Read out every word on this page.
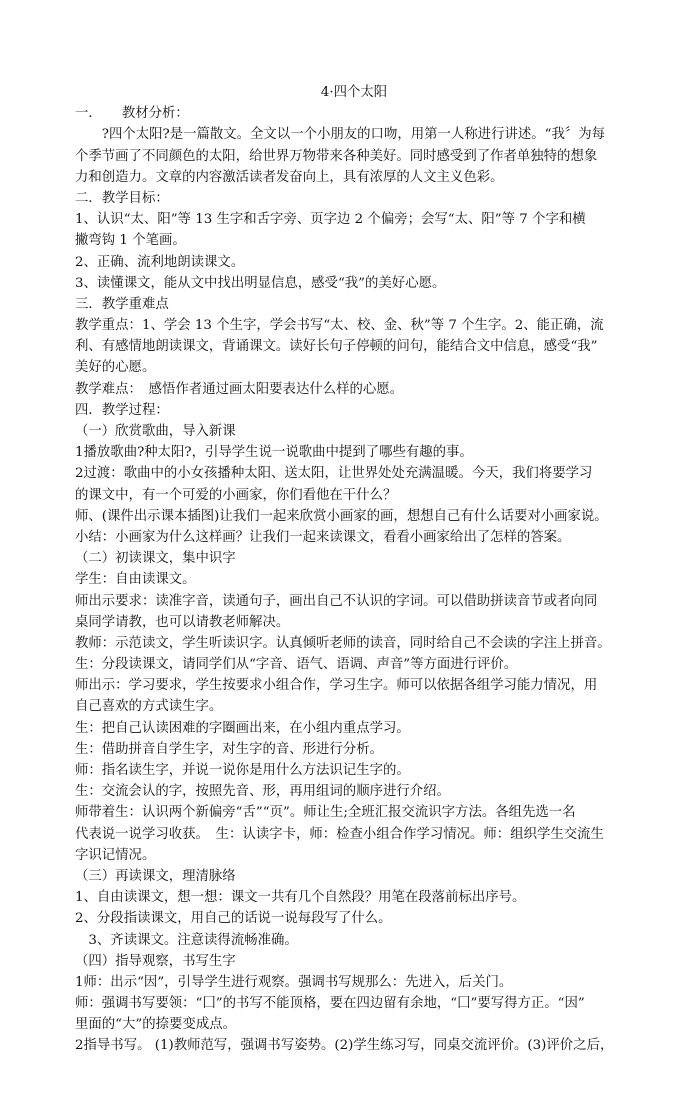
4·四个太阳
一．　　教材分析：
　　?四个太阳?是一篇散文。全文以一个小朋友的口吻，用第一人称进行讲述。“我〞为每
个季节画了不同颜色的太阳，给世界万物带来各种美好。同时感受到了作者单独特的想象
力和创造力。文章的内容激活读者发奋向上，具有浓厚的人文主义色彩。
二．教学目标：
1、认识“太、阳”等 13 生字和舌字旁、页字边 2 个偏旁；会写“太、阳”等 7 个字和横
撇弯钩 1 个笔画。
2、正确、流利地朗读课文。
3、读懂课文，能从文中找出明显信息，感受“我”的美好心愿。
三．教学重难点
教学重点：1、学会 13 个生字，学会书写“太、校、金、秋”等 7 个生字。2、能正确，流
利、有感情地朗读课文，背诵课文。读好长句子停顿的问句，能结合文中信息，感受“我”
美好的心愿。
教学难点：　感悟作者通过画太阳要表达什么样的心愿。
四．教学过程：
（一）欣赏歌曲，导入新课
1播放歌曲?种太阳?，引导学生说一说歌曲中提到了哪些有趣的事。
2过渡：歌曲中的小女孩播种太阳、送太阳，让世界处处充满温暖。今天，我们将要学习
的课文中，有一个可爱的小画家，你们看他在干什么？
师、(课件出示课本插图)让我们一起来欣赏小画家的画，想想自己有什么话要对小画家说。
小结：小画家为什么这样画？让我们一起来读课文，看看小画家给出了怎样的答案。
（二）初读课文，集中识字
学生：自由读课文。
师出示要求：读准字音，读通句子，画出自己不认识的字词。可以借助拼读音节或者向同
桌同学请教，也可以请教老师解决。
教师：示范读文，学生听读识字。认真倾听老师的读音，同时给自己不会读的字注上拼音。
生：分段读课文，请同学们从“字音、语气、语调、声音”等方面进行评价。
师出示：学习要求，学生按要求小组合作，学习生字。师可以依据各组学习能力情况，用
自己喜欢的方式读生字。
生：把自己认读困难的字圈画出来，在小组内重点学习。
生：借助拼音自学生字，对生字的音、形进行分析。
师：指名读生字，并说一说你是用什么方法识记生字的。
生：交流会认的字，按照先音、形，再用组词的顺序进行介绍。
师带着生：认识两个新偏旁“舌”“页”。师让生;全班汇报交流识字方法。各组先选一名
代表说一说学习收获。　生：认读字卡，师：检查小组合作学习情况。师：组织学生交流生
字识记情况。
（三）再读课文，理清脉络
1、自由读课文，想一想：课文一共有几个自然段？用笔在段落前标出序号。
2、分段指读课文，用自己的话说一说每段写了什么。
　3、齐读课文。注意读得流畅准确。
（四）指导观察，书写生字
1师：出示“因”，引导学生进行观察。强调书写规那么：先进入，后关门。
师：强调书写要领：“囗”的书写不能顶格，要在四边留有余地，“囗”要写得方正。“因”
里面的“大”的捺要变成点。
2指导书写。 (1)教师范写，强调书写姿势。(2)学生练习写，同桌交流评价。(3)评价之后，
